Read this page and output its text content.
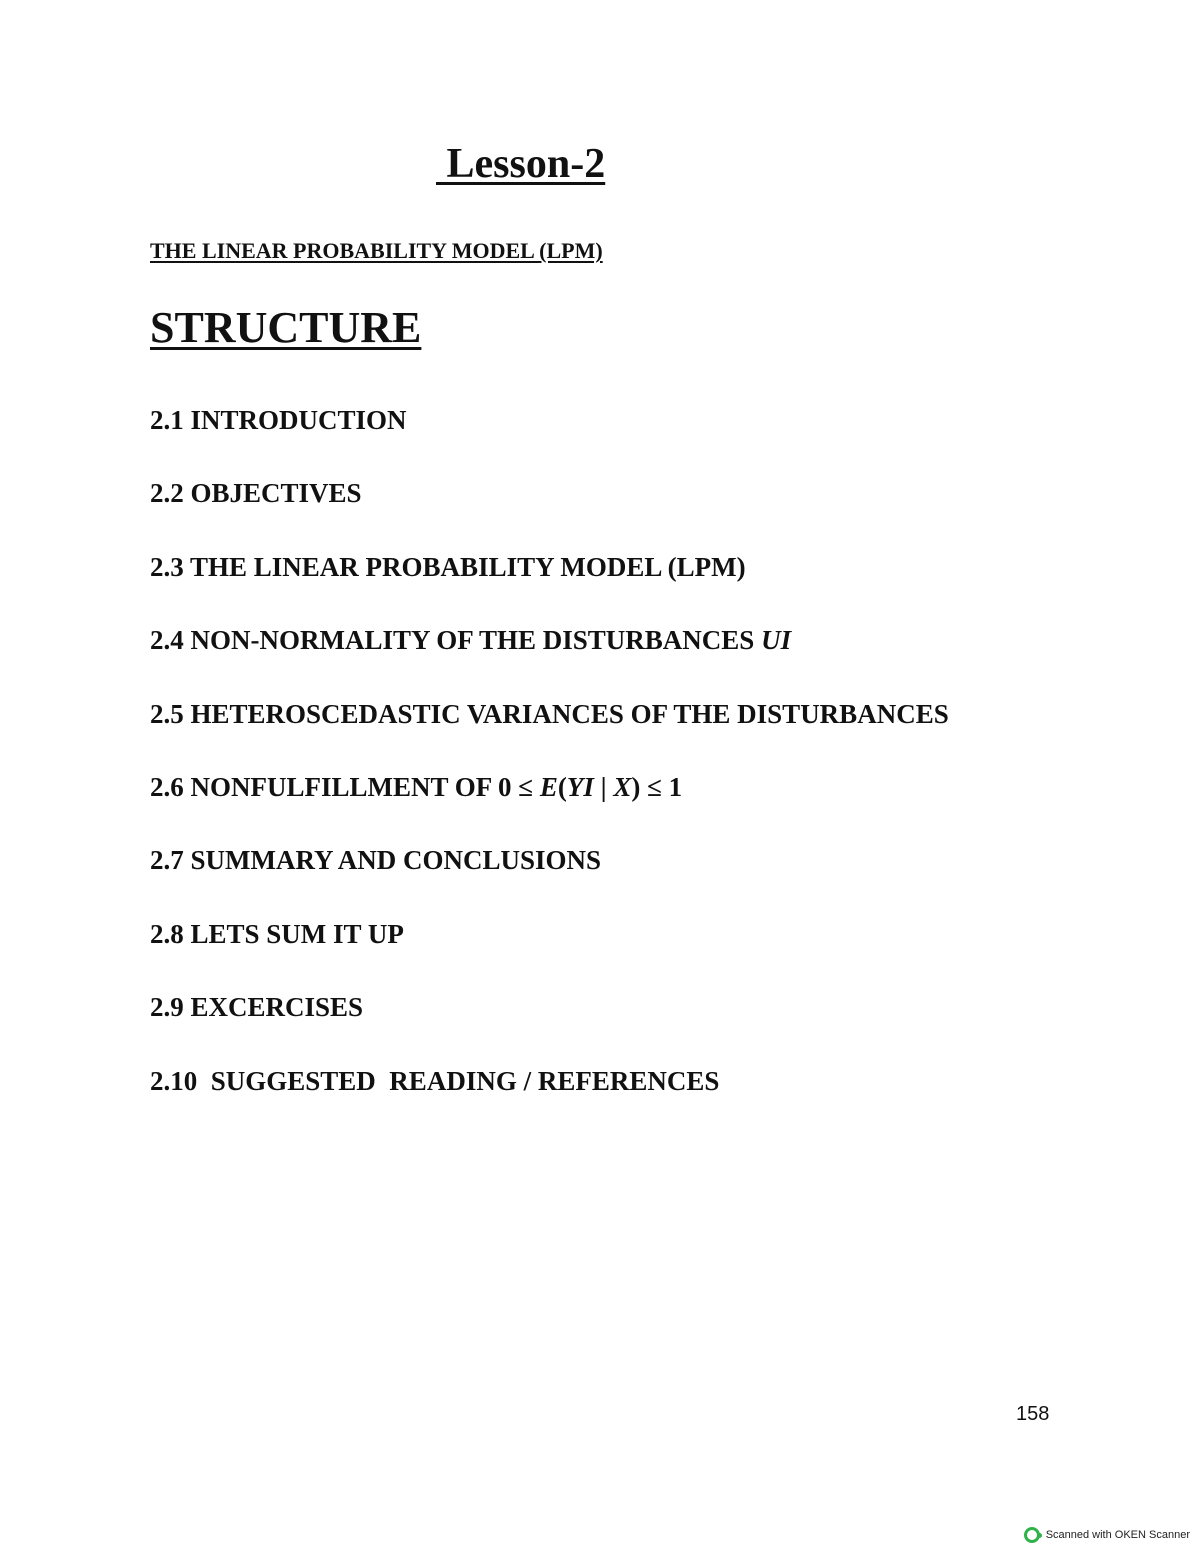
Lesson-2
THE LINEAR PROBABILITY MODEL (LPM)
STRUCTURE
2.1 INTRODUCTION
2.2 OBJECTIVES
2.3 THE LINEAR PROBABILITY MODEL (LPM)
2.4 NON-NORMALITY OF THE DISTURBANCES UI
2.5 HETEROSCEDASTIC VARIANCES OF THE DISTURBANCES
2.6 NONFULFILLMENT OF 0 ≤ E(YI | X) ≤ 1
2.7 SUMMARY AND CONCLUSIONS
2.8 LETS SUM IT UP
2.9 EXCERCISES
2.10  SUGGESTED  READING / REFERENCES
158
Scanned with OKEN Scanner
